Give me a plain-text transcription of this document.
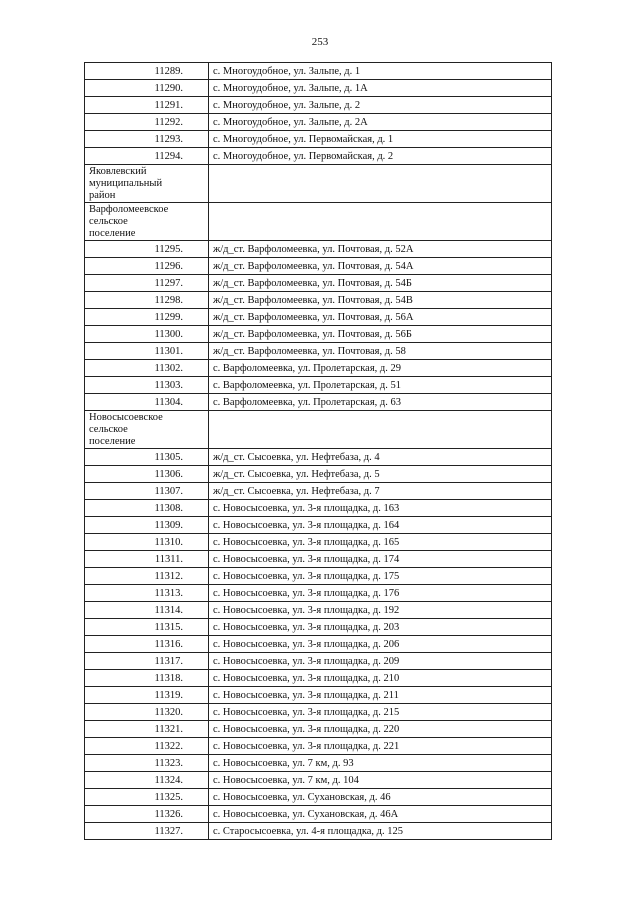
253
11289.	с. Многоудобное, ул. Зальпе, д. 1
11290.	с. Многоудобное, ул. Зальпе, д. 1А
11291.	с. Многоудобное, ул. Зальпе, д. 2
11292.	с. Многоудобное, ул. Зальпе, д. 2А
11293.	с. Многоудобное, ул. Первомайская, д. 1
11294.	с. Многоудобное, ул. Первомайская, д. 2

Яковлевский
муниципальный
район	

Варфоломеевское
сельское
поселение	

11295.	ж/д_ст. Варфоломеевка, ул. Почтовая, д. 52А
11296.	ж/д_ст. Варфоломеевка, ул. Почтовая, д. 54А
11297.	ж/д_ст. Варфоломеевка, ул. Почтовая, д. 54Б
11298.	ж/д_ст. Варфоломеевка, ул. Почтовая, д. 54В
11299.	ж/д_ст. Варфоломеевка, ул. Почтовая, д. 56А
11300.	ж/д_ст. Варфоломеевка, ул. Почтовая, д. 56Б
11301.	ж/д_ст. Варфоломеевка, ул. Почтовая, д. 58
11302.	с. Варфоломеевка, ул. Пролетарская, д. 29
11303.	с. Варфоломеевка, ул. Пролетарская, д. 51
11304.	с. Варфоломеевка, ул. Пролетарская, д. 63

Новосысоевское
сельское
поселение	

11305.	ж/д_ст. Сысоевка, ул. Нефтебаза, д. 4
11306.	ж/д_ст. Сысоевка, ул. Нефтебаза, д. 5
11307.	ж/д_ст. Сысоевка, ул. Нефтебаза, д. 7
11308.	с. Новосысоевка, ул. 3-я площадка, д. 163
11309.	с. Новосысоевка, ул. 3-я площадка, д. 164
11310.	с. Новосысоевка, ул. 3-я площадка, д. 165
11311.	с. Новосысоевка, ул. 3-я площадка, д. 174
11312.	с. Новосысоевка, ул. 3-я площадка, д. 175
11313.	с. Новосысоевка, ул. 3-я площадка, д. 176
11314.	с. Новосысоевка, ул. 3-я площадка, д. 192
11315.	с. Новосысоевка, ул. 3-я площадка, д. 203
11316.	с. Новосысоевка, ул. 3-я площадка, д. 206
11317.	с. Новосысоевка, ул. 3-я площадка, д. 209
11318.	с. Новосысоевка, ул. 3-я площадка, д. 210
11319.	с. Новосысоевка, ул. 3-я площадка, д. 211
11320.	с. Новосысоевка, ул. 3-я площадка, д. 215
11321.	с. Новосысоевка, ул. 3-я площадка, д. 220
11322.	с. Новосысоевка, ул. 3-я площадка, д. 221
11323.	с. Новосысоевка, ул. 7 км, д. 93
11324.	с. Новосысоевка, ул. 7 км, д. 104
11325.	с. Новосысоевка, ул. Сухановская, д. 46
11326.	с. Новосысоевка, ул. Сухановская, д. 46А
11327.	с. Старосысоевка, ул. 4-я площадка, д. 125
